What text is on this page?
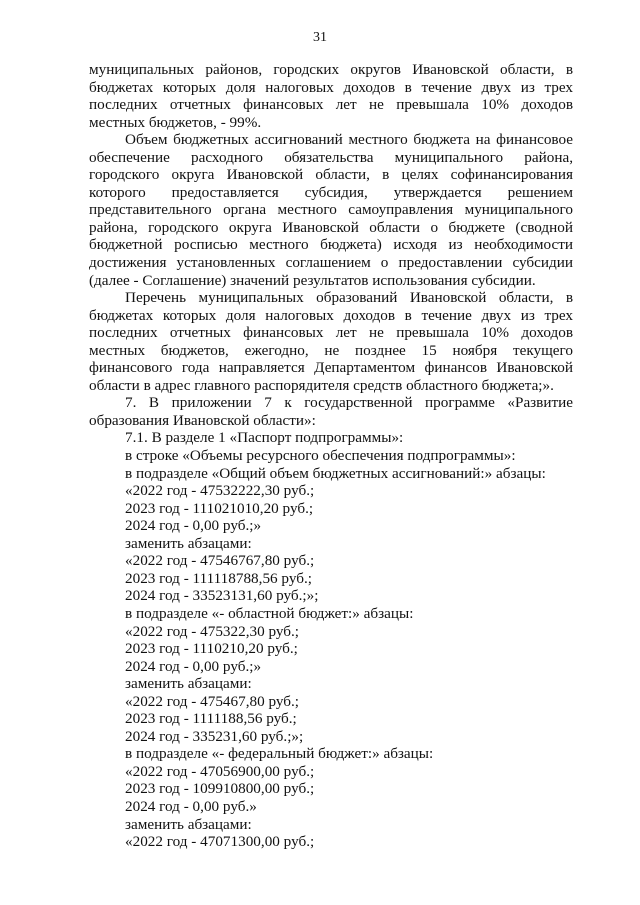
31

муниципальных районов, городских округов Ивановской области, в бюджетах которых доля налоговых доходов в течение двух из трех последних отчетных финансовых лет не превышала 10% доходов местных бюджетов, - 99%.

Объем бюджетных ассигнований местного бюджета на финансовое обеспечение расходного обязательства муниципального района, городского округа Ивановской области, в целях софинансирования которого предоставляется субсидия, утверждается решением представительного органа местного самоуправления муниципального района, городского округа Ивановской области о бюджете (сводной бюджетной росписью местного бюджета) исходя из необходимости достижения установленных соглашением о предоставлении субсидии (далее - Соглашение) значений результатов использования субсидии.

Перечень муниципальных образований Ивановской области, в бюджетах которых доля налоговых доходов в течение двух из трех последних отчетных финансовых лет не превышала 10% доходов местных бюджетов, ежегодно, не позднее 15 ноября текущего финансового года направляется Департаментом финансов Ивановской области в адрес главного распорядителя средств областного бюджета;».

7. В приложении 7 к государственной программе «Развитие образования Ивановской области»:

7.1. В разделе 1 «Паспорт подпрограммы»:

в строке «Объемы ресурсного обеспечения подпрограммы»:

в подразделе «Общий объем бюджетных ассигнований:» абзацы:

«2022 год - 47532222,30 руб.;

2023 год - 111021010,20 руб.;

2024 год - 0,00 руб.;»

заменить абзацами:

«2022 год - 47546767,80 руб.;

2023 год - 111118788,56 руб.;

2024 год - 33523131,60 руб.;»;

в подразделе «- областной бюджет:» абзацы:

«2022 год - 475322,30 руб.;

2023 год - 1110210,20 руб.;

2024 год - 0,00 руб.;»

заменить абзацами:

«2022 год - 475467,80 руб.;

2023 год - 1111188,56 руб.;

2024 год - 335231,60 руб.;»;

в подразделе «- федеральный бюджет:» абзацы:

«2022 год - 47056900,00 руб.;

2023 год - 109910800,00 руб.;

2024 год - 0,00 руб.»

заменить абзацами:

«2022 год - 47071300,00 руб.;
